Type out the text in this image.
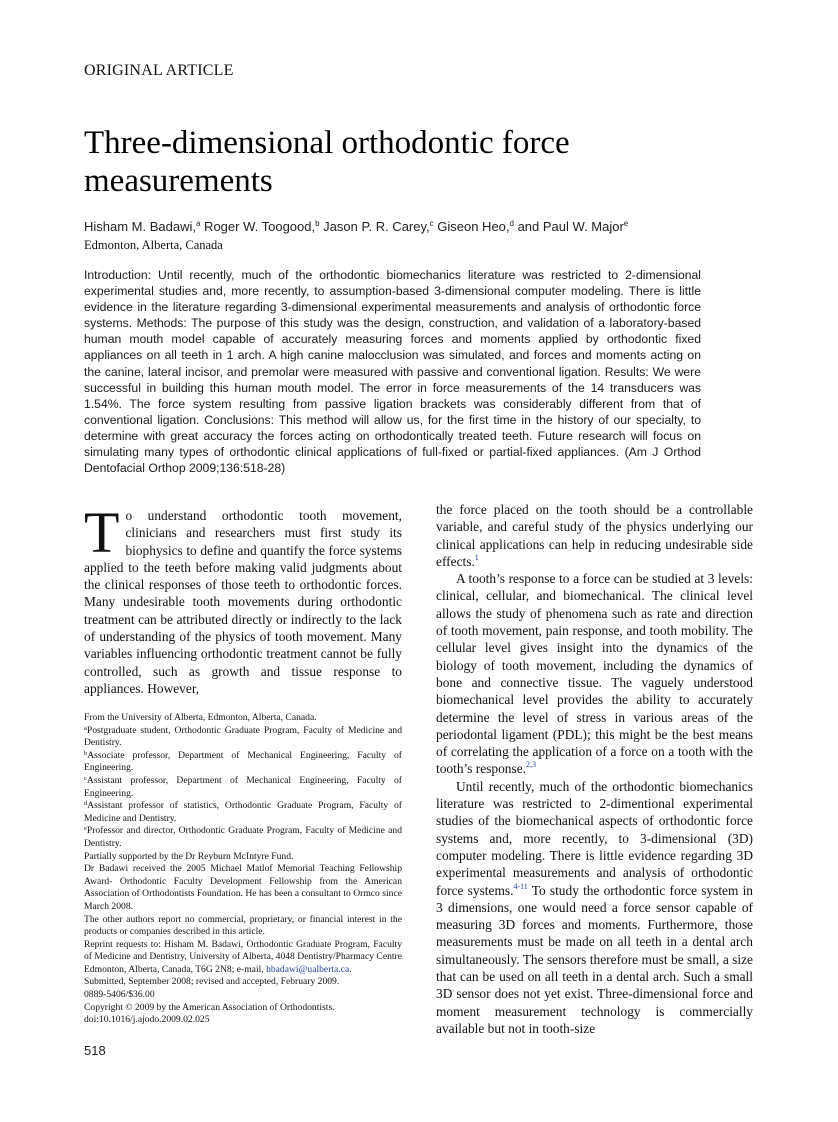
ORIGINAL ARTICLE
Three-dimensional orthodontic force measurements
Hisham M. Badawi,$^a$ Roger W. Toogood,$^b$ Jason P. R. Carey,$^c$ Giseon Heo,$^d$ and Paul W. Major$^e$
Edmonton, Alberta, Canada

Introduction: Until recently, much of the orthodontic biomechanics literature was restricted to 2-dimensional experimental studies and, more recently, to assumption-based 3-dimensional computer modeling. There is little evidence in the literature regarding 3-dimensional experimental measurements and analysis of orthodontic force systems. Methods: The purpose of this study was the design, construction, and validation of a laboratory-based human mouth model capable of accurately measuring forces and moments applied by orthodontic fixed appliances on all teeth in 1 arch. A high canine malocclusion was simulated, and forces and moments acting on the canine, lateral incisor, and premolar were measured with passive and conventional ligation. Results: We were successful in building this human mouth model. The error in force measurements of the 14 transducers was 1.54%. The force system resulting from passive ligation brackets was considerably different from that of conventional ligation. Conclusions: This method will allow us, for the first time in the history of our specialty, to determine with great accuracy the forces acting on orthodontically treated teeth. Future research will focus on simulating many types of orthodontic clinical applications of full-fixed or partial-fixed appliances. (Am J Orthod Dentofacial Orthop 2009;136:518-28)

To understand orthodontic tooth movement, clinicians and researchers must first study its biophysics to define and quantify the force systems applied to the teeth before making valid judgments about the clinical responses of those teeth to orthodontic forces. Many undesirable tooth movements during orthodontic treatment can be attributed directly or indirectly to the lack of understanding of the physics of tooth movement. Many variables influencing orthodontic treatment cannot be fully controlled, such as growth and tissue response to appliances. However,

the force placed on the tooth should be a controllable variable, and careful study of the physics underlying our clinical applications can help in reducing undesirable side effects.$^1$

A tooth’s response to a force can be studied at 3 levels: clinical, cellular, and biomechanical. The clinical level allows the study of phenomena such as rate and direction of tooth movement, pain response, and tooth mobility. The cellular level gives insight into the dynamics of the biology of tooth movement, including the dynamics of bone and connective tissue. The vaguely understood biomechanical level provides the ability to accurately determine the level of stress in various areas of the periodontal ligament (PDL); this might be the best means of correlating the application of a force on a tooth with the tooth’s response.$^{2,3}$

Until recently, much of the orthodontic biomechanics literature was restricted to 2-dimentional experimental studies of the biomechanical aspects of orthodontic force systems and, more recently, to 3-dimensional (3D) computer modeling. There is little evidence regarding 3D experimental measurements and analysis of orthodontic force systems.$^{4-11}$ To study the orthodontic force system in 3 dimensions, one would need a force sensor capable of measuring 3D forces and moments. Furthermore, those measurements must be made on all teeth in a dental arch simultaneously. The sensors therefore must be small, a size that can be used on all teeth in a dental arch. Such a small 3D sensor does not yet exist. Three-dimensional force and moment measurement technology is commercially available but not in tooth-size

From the University of Alberta, Edmonton, Alberta, Canada.

$^a$Postgraduate student, Orthodontic Graduate Program, Faculty of Medicine and Dentistry.

$^b$Associate professor, Department of Mechanical Engineering, Faculty of Engineering.

$^c$Assistant professor, Department of Mechanical Engineering, Faculty of Engineering.

$^d$Assistant professor of statistics, Orthodontic Graduate Program, Faculty of Medicine and Dentistry.

$^e$Professor and director, Orthodontic Graduate Program, Faculty of Medicine and Dentistry.

Partially supported by the Dr Reyburn McIntyre Fund.

Dr Badawi received the 2005 Michael Matlof Memorial Teaching Fellowship Award- Orthodontic Faculty Development Fellowship from the American Association of Orthodontists Foundation. He has been a consultant to Ormco since March 2008.

The other authors report no commercial, proprietary, or financial interest in the products or companies described in this article.

Reprint requests to: Hisham M. Badawi, Orthodontic Graduate Program, Faculty of Medicine and Dentistry, University of Alberta, 4048 Dentistry/Pharmacy Centre Edmonton, Alberta, Canada, T6G 2N8; e-mail, hbadawi@ualberta.ca.

Submitted, September 2008; revised and accepted, February 2009.

0889-5406/$36.00

Copyright © 2009 by the American Association of Orthodontists.

doi:10.1016/j.ajodo.2009.02.025

518
